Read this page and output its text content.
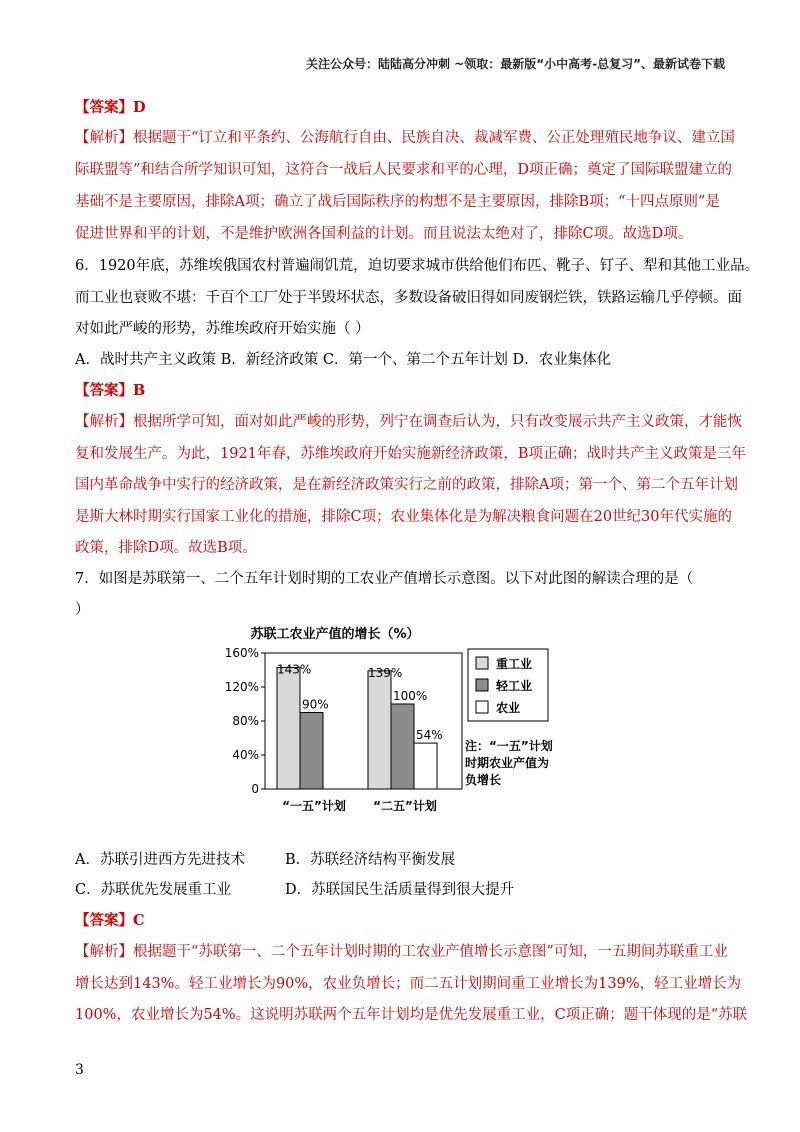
关注公众号：陆陆高分冲刺 ~领取：最新版“小中高考-总复习”、最新试卷下载
【答案】D
【解析】根据题干“订立和平条约、公海航行自由、民族自决、裁减军费、公正处理殖民地争议、建立国
际联盟等”和结合所学知识可知，这符合一战后人民要求和平的心理，D项正确；奠定了国际联盟建立的
基础不是主要原因，排除A项；确立了战后国际秩序的构想不是主要原因，排除B项；“十四点原则”是
促进世界和平的计划，不是维护欧洲各国利益的计划。而且说法太绝对了，排除C项。故选D项。
6．1920年底，苏维埃俄国农村普遍闹饥荒，迫切要求城市供给他们布匹、靴子、钉子、犁和其他工业品。
而工业也衰败不堪：千百个工厂处于半毁坏状态，多数设备破旧得如同废钢烂铁，铁路运输几乎停顿。面
对如此严峻的形势，苏维埃政府开始实施（ ）
A．战时共产主义政策 B．新经济政策 C．第一个、第二个五年计划 D．农业集体化
【答案】B
【解析】根据所学可知，面对如此严峻的形势，列宁在调查后认为，只有改变展示共产主义政策，才能恢
复和发展生产。为此，1921年春，苏维埃政府开始实施新经济政策，B项正确；战时共产主义政策是三年
国内革命战争中实行的经济政策，是在新经济政策实行之前的政策，排除A项；第一个、第二个五年计划
是斯大林时期实行国家工业化的措施，排除C项；农业集体化是为解决粮食问题在20世纪30年代实施的
政策，排除D项。故选B项。
7．如图是苏联第一、二个五年计划时期的工农业产值增长示意图。以下对此图的解读合理的是（
）
苏联工农业产值的增长（%）
0
40%
80%
120%
160%
“一五”计划 “二五”计划
143%	139%
90%
100%
54%
重工业
轻工业
农业
注：“一五”计划
时期农业产值为
负增长
A．苏联引进西方先进技术	B．苏联经济结构平衡发展
C．苏联优先发展重工业	D．苏联国民生活质量得到很大提升
【答案】C
【解析】根据题干“苏联第一、二个五年计划时期的工农业产值增长示意图”可知，一五期间苏联重工业
增长达到143%。轻工业增长为90%，农业负增长；而二五计划期间重工业增长为139%，轻工业增长为
100%，农业增长为54%。这说明苏联两个五年计划均是优先发展重工业，C项正确；题干体现的是“苏联
3
